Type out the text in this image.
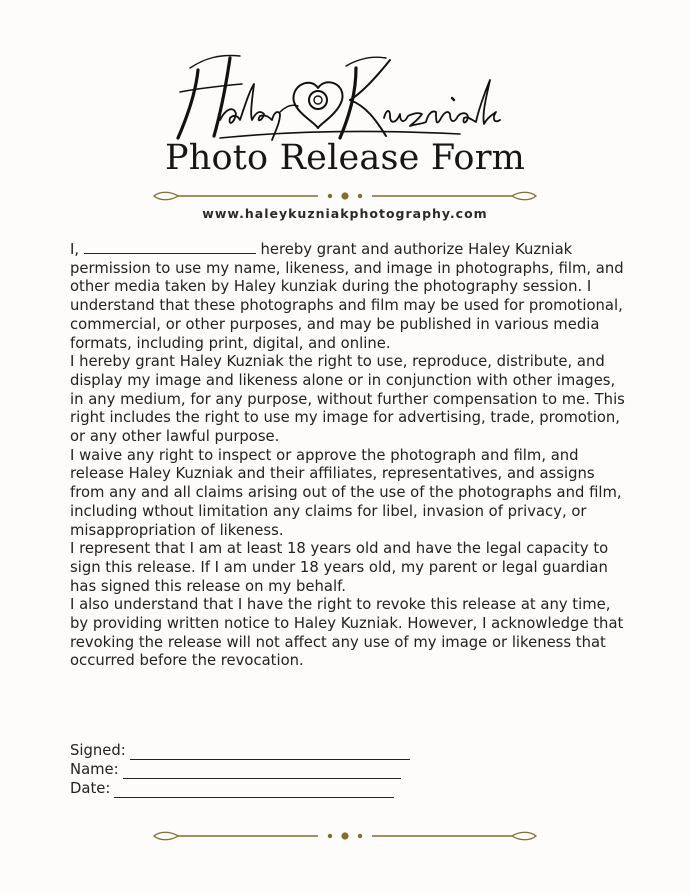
Photo Release Form
www.haleykuzniakphotography.com

I,	hereby grant and authorize Haley Kuzniak permission to use my name, likeness, and image in photographs, film, and other media taken by Haley kunziak during the photography session. I understand that these photographs and film may be used for promotional, commercial, or other purposes, and may be published in various media formats, including print, digital, and online.

I hereby grant Haley Kuzniak the right to use, reproduce, distribute, and display my image and likeness alone or in conjunction with other images, in any medium, for any purpose, without further compensation to me. This right includes the right to use my image for advertising, trade, promotion, or any other lawful purpose.

I waive any right to inspect or approve the photograph and film, and release Haley Kuzniak and their affiliates, representatives, and assigns from any and all claims arising out of the use of the photographs and film, including wthout limitation any claims for libel, invasion of privacy, or misappropriation of likeness.

I represent that I am at least 18 years old and have the legal capacity to sign this release. If I am under 18 years old, my parent or legal guardian has signed this release on my behalf.

I also understand that I have the right to revoke this release at any time, by providing written notice to Haley Kuzniak. However, I acknowledge that revoking the release will not affect any use of my image or likeness that occurred before the revocation.

Signed:
Name:
Date:
